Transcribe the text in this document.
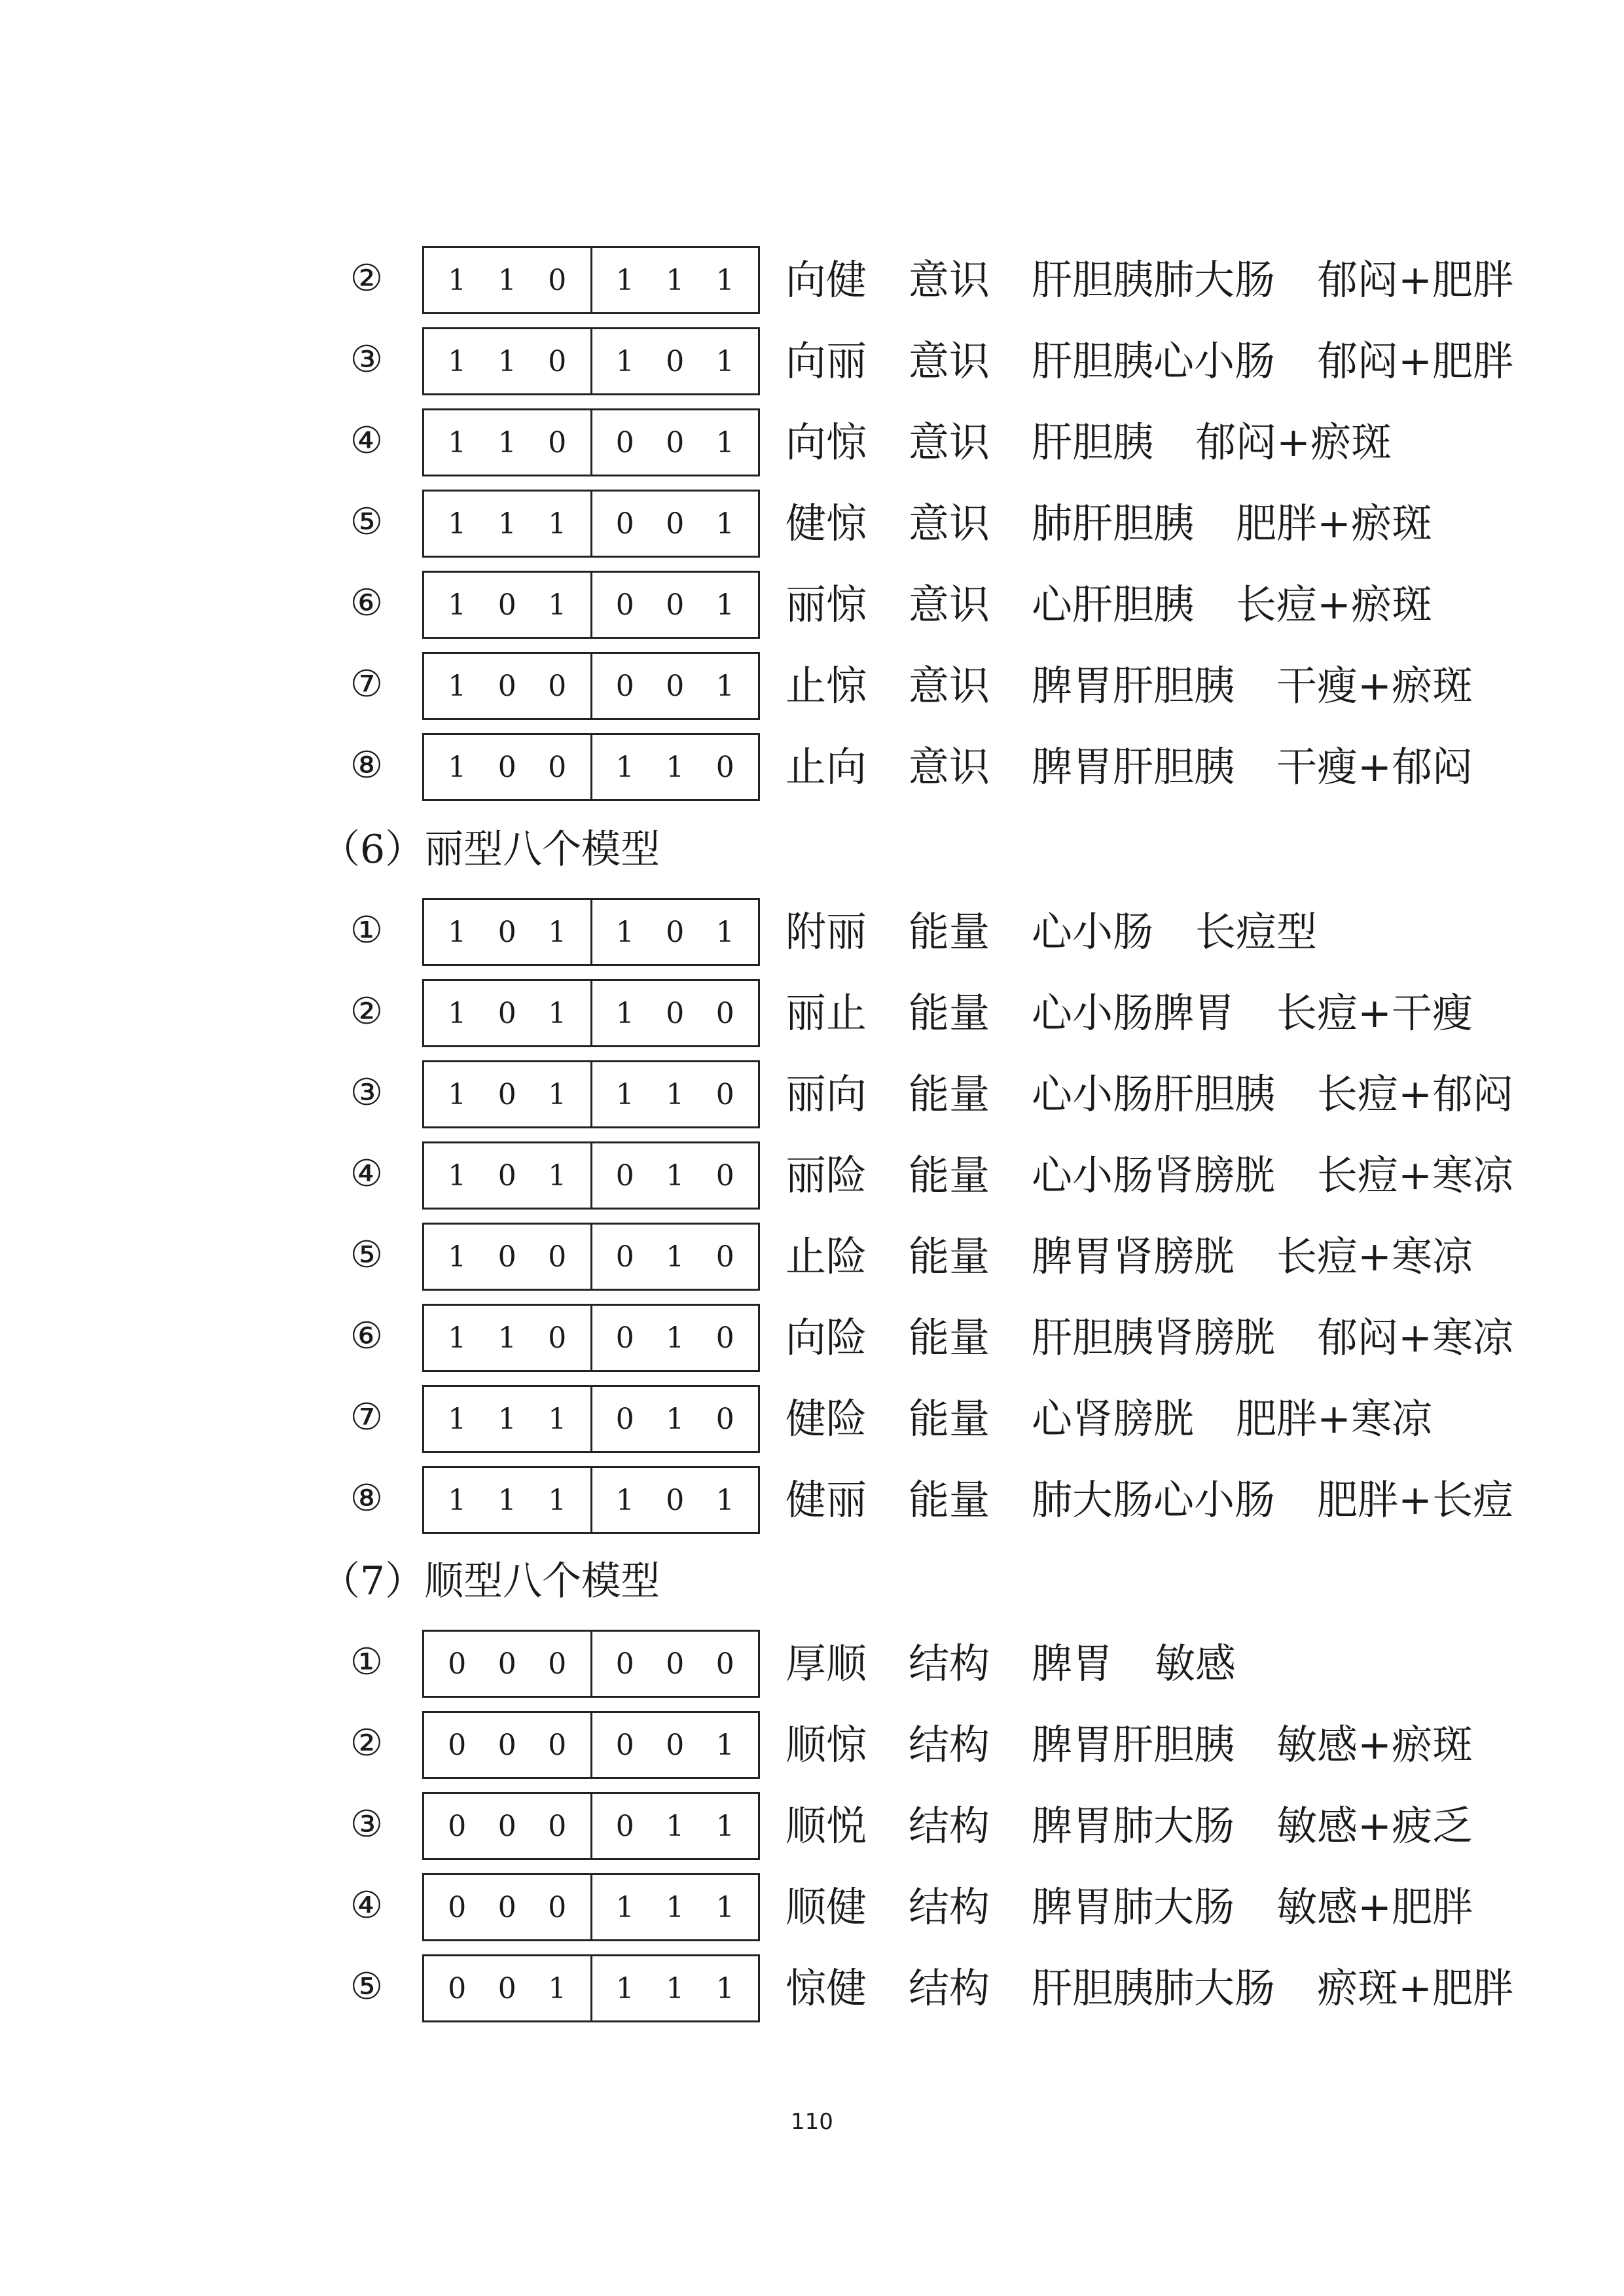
110
② 1 1 0 1 1 1 向健 意识 肝胆胰肺大肠 郁闷+肥胖
③ 1 1 0 1 0 1 向丽 意识 肝胆胰心小肠 郁闷+肥胖
④ 1 1 0 0 0 1 向惊 意识 肝胆胰 郁闷+瘀斑
⑤ 1 1 1 0 0 1 健惊 意识 肺肝胆胰 肥胖+瘀斑
⑥ 1 0 1 0 0 1 丽惊 意识 心肝胆胰 长痘+瘀斑
⑦ 1 0 0 0 0 1 止惊 意识 脾胃肝胆胰 干瘦+瘀斑
⑧ 1 0 0 1 1 0 止向 意识 脾胃肝胆胰 干瘦+郁闷
（6）丽型八个模型
① 1 0 1 1 0 1 附丽 能量 心小肠 长痘型
② 1 0 1 1 0 0 丽止 能量 心小肠脾胃 长痘+干瘦
③ 1 0 1 1 1 0 丽向 能量 心小肠肝胆胰 长痘+郁闷
④ 1 0 1 0 1 0 丽险 能量 心小肠肾膀胱 长痘+寒凉
⑤ 1 0 0 0 1 0 止险 能量 脾胃肾膀胱 长痘+寒凉
⑥ 1 1 0 0 1 0 向险 能量 肝胆胰肾膀胱 郁闷+寒凉
⑦ 1 1 1 0 1 0 健险 能量 心肾膀胱 肥胖+寒凉
⑧ 1 1 1 1 0 1 健丽 能量 肺大肠心小肠 肥胖+长痘
（7）顺型八个模型
① 0 0 0 0 0 0 厚顺 结构 脾胃 敏感
② 0 0 0 0 0 1 顺惊 结构 脾胃肝胆胰 敏感+瘀斑
③ 0 0 0 0 1 1 顺悦 结构 脾胃肺大肠 敏感+疲乏
④ 0 0 0 1 1 1 顺健 结构 脾胃肺大肠 敏感+肥胖
⑤ 0 0 1 1 1 1 惊健 结构 肝胆胰肺大肠 瘀斑+肥胖
